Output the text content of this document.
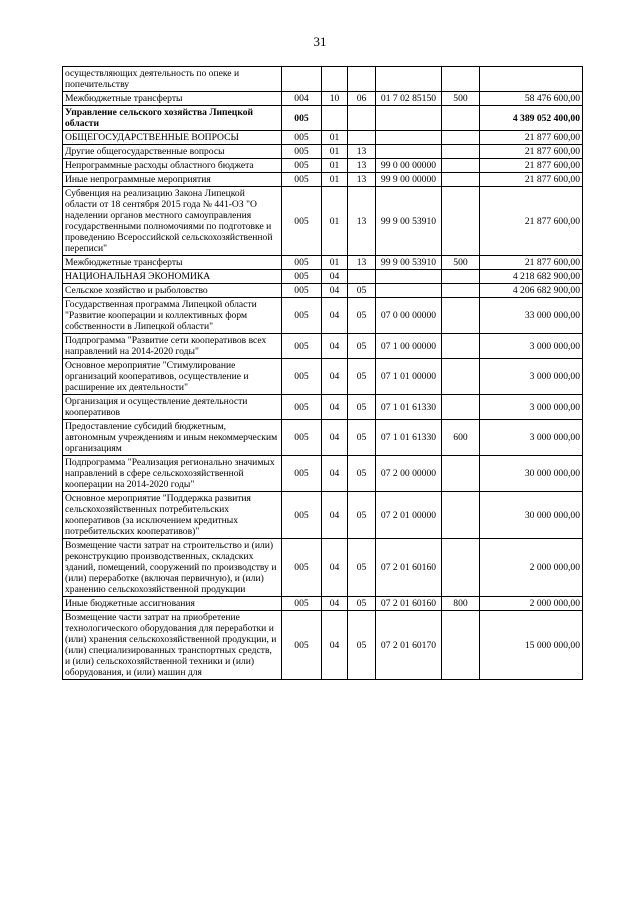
31
осуществляющих деятельность по опеке и попечительству						
Межбюджетные трансферты	004	10	06	01 7 02 85150	500	58 476 600,00
Управление сельского хозяйства Липецкой области	005					4 389 052 400,00
ОБЩЕГОСУДАРСТВЕННЫЕ ВОПРОСЫ	005	01				21 877 600,00
Другие общегосударственные вопросы	005	01	13			21 877 600,00
Непрограммные расходы областного бюджета	005	01	13	99 0 00 00000		21 877 600,00
Иные непрограммные мероприятия	005	01	13	99 9 00 00000		21 877 600,00
Субвенция на реализацию Закона Липецкой области от 18 сентября 2015 года № 441-ОЗ "О наделении органов местного самоуправления государственными полномочиями по подготовке и проведению Всероссийской сельскохозяйственной переписи"	005	01	13	99 9 00 53910		21 877 600,00
Межбюджетные трансферты	005	01	13	99 9 00 53910	500	21 877 600,00
НАЦИОНАЛЬНАЯ ЭКОНОМИКА	005	04				4 218 682 900,00
Сельское хозяйство и рыболовство	005	04	05			4 206 682 900,00
Государственная программа Липецкой области "Развитие кооперации и коллективных форм собственности в Липецкой области"	005	04	05	07 0 00 00000		33 000 000,00
Подпрограмма "Развитие сети кооперативов всех направлений на 2014-2020 годы"	005	04	05	07 1 00 00000		3 000 000,00
Основное мероприятие "Стимулирование организаций кооперативов, осуществление и расширение их деятельности"	005	04	05	07 1 01 00000		3 000 000,00
Организация и осуществление деятельности кооперативов	005	04	05	07 1 01 61330		3 000 000,00
Предоставление субсидий бюджетным, автономным учреждениям и иным некоммерческим организациям	005	04	05	07 1 01 61330	600	3 000 000,00
Подпрограмма "Реализация регионально значимых направлений в сфере сельскохозяйственной кооперации на 2014-2020 годы"	005	04	05	07 2 00 00000		30 000 000,00
Основное мероприятие "Поддержка развития сельскохозяйственных потребительских кооперативов (за исключением кредитных потребительских кооперативов)"	005	04	05	07 2 01 00000		30 000 000,00
Возмещение части затрат на строительство и (или) реконструкцию производственных, складских зданий, помещений, сооружений по производству и (или) переработке (включая первичную), и (или) хранению сельскохозяйственной продукции	005	04	05	07 2 01 60160		2 000 000,00
Иные бюджетные ассигнования	005	04	05	07 2 01 60160	800	2 000 000,00
Возмещение части затрат на приобретение технологического оборудования для переработки и (или) хранения сельскохозяйственной продукции, и (или) специализированных транспортных средств, и (или) сельскохозяйственной техники и (или) оборудования, и (или) машин для	005	04	05	07 2 01 60170		15 000 000,00
